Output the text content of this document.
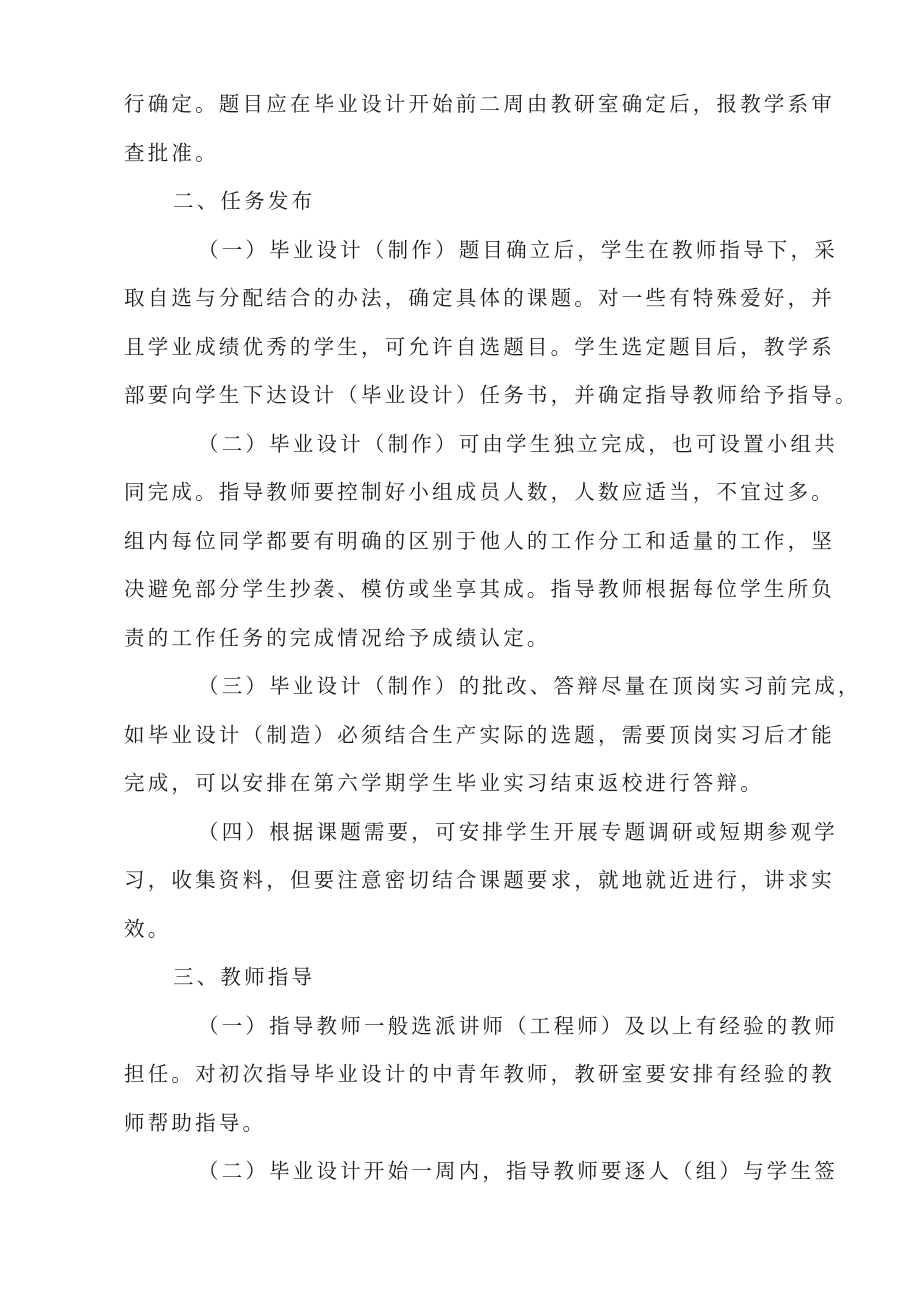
行确定。题目应在毕业设计开始前二周由教研室确定后，报教学系审
查批准。
二、任务发布
（一）毕业设计（制作）题目确立后，学生在教师指导下，采
取自选与分配结合的办法，确定具体的课题。对一些有特殊爱好，并
且学业成绩优秀的学生，可允许自选题目。学生选定题目后，教学系
部要向学生下达设计（毕业设计）任务书，并确定指导教师给予指导。
（二）毕业设计（制作）可由学生独立完成，也可设置小组共
同完成。指导教师要控制好小组成员人数，人数应适当，不宜过多。
组内每位同学都要有明确的区别于他人的工作分工和适量的工作，坚
决避免部分学生抄袭、模仿或坐享其成。指导教师根据每位学生所负
责的工作任务的完成情况给予成绩认定。
（三）毕业设计（制作）的批改、答辩尽量在顶岗实习前完成，
如毕业设计（制造）必须结合生产实际的选题，需要顶岗实习后才能
完成，可以安排在第六学期学生毕业实习结束返校进行答辩。
（四）根据课题需要，可安排学生开展专题调研或短期参观学
习，收集资料，但要注意密切结合课题要求，就地就近进行，讲求实
效。
三、教师指导
（一）指导教师一般选派讲师（工程师）及以上有经验的教师
担任。对初次指导毕业设计的中青年教师，教研室要安排有经验的教
师帮助指导。
（二）毕业设计开始一周内，指导教师要逐人（组）与学生签
